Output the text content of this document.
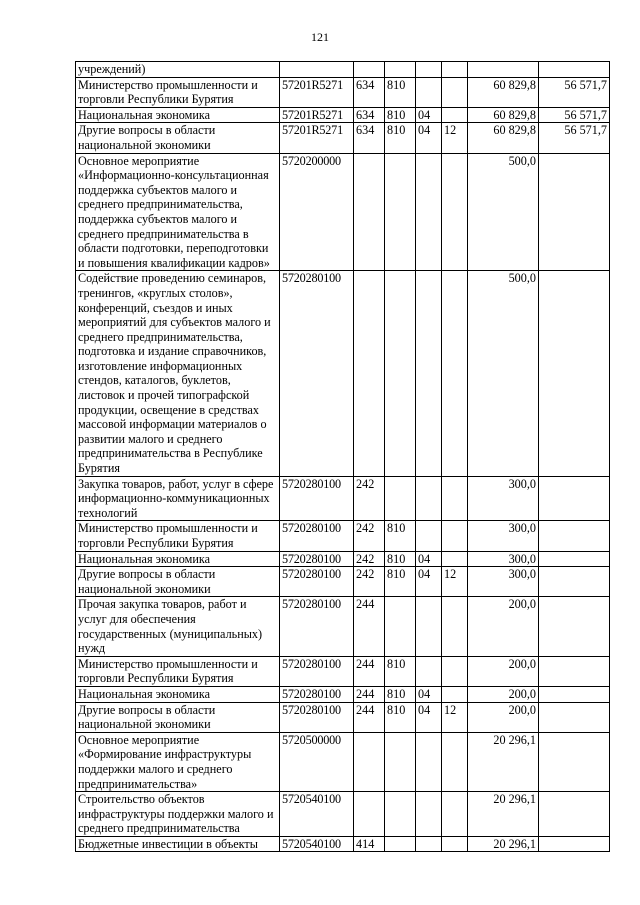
121
учреждений)							
Министерство промышленности и торговли Республики Бурятия	57201R5271	634	810			60 829,8	56 571,7
Национальная экономика	57201R5271	634	810	04		60 829,8	56 571,7
Другие вопросы в области национальной экономики	57201R5271	634	810	04	12	60 829,8	56 571,7
Основное мероприятие «Информационно-консультационная поддержка субъектов малого и среднего предпринимательства, поддержка субъектов малого и среднего предпринимательства в области подготовки, переподготовки и повышения квалификации кадров»	5720200000					500,0	
Содействие проведению семинаров, тренингов, «круглых столов», конференций, съездов и иных мероприятий для субъектов малого и среднего предпринимательства, подготовка и издание справочников, изготовление информационных стендов, каталогов, буклетов, листовок и прочей типографской продукции, освещение в средствах массовой информации материалов о развитии малого и среднего предпринимательства в Республике Бурятия	5720280100					500,0	
Закупка товаров, работ, услуг в сфере информационно-коммуникационных технологий	5720280100	242				300,0	
Министерство промышленности и торговли Республики Бурятия	5720280100	242	810			300,0	
Национальная экономика	5720280100	242	810	04		300,0	
Другие вопросы в области национальной экономики	5720280100	242	810	04	12	300,0	
Прочая закупка товаров, работ и услуг для обеспечения государственных (муниципальных) нужд	5720280100	244				200,0	
Министерство промышленности и торговли Республики Бурятия	5720280100	244	810			200,0	
Национальная экономика	5720280100	244	810	04		200,0	
Другие вопросы в области национальной экономики	5720280100	244	810	04	12	200,0	
Основное мероприятие «Формирование инфраструктуры поддержки малого и среднего предпринимательства»	5720500000					20 296,1	
Строительство объектов инфраструктуры поддержки малого и среднего предпринимательства	5720540100					20 296,1	
Бюджетные инвестиции в объекты	5720540100	414				20 296,1	
